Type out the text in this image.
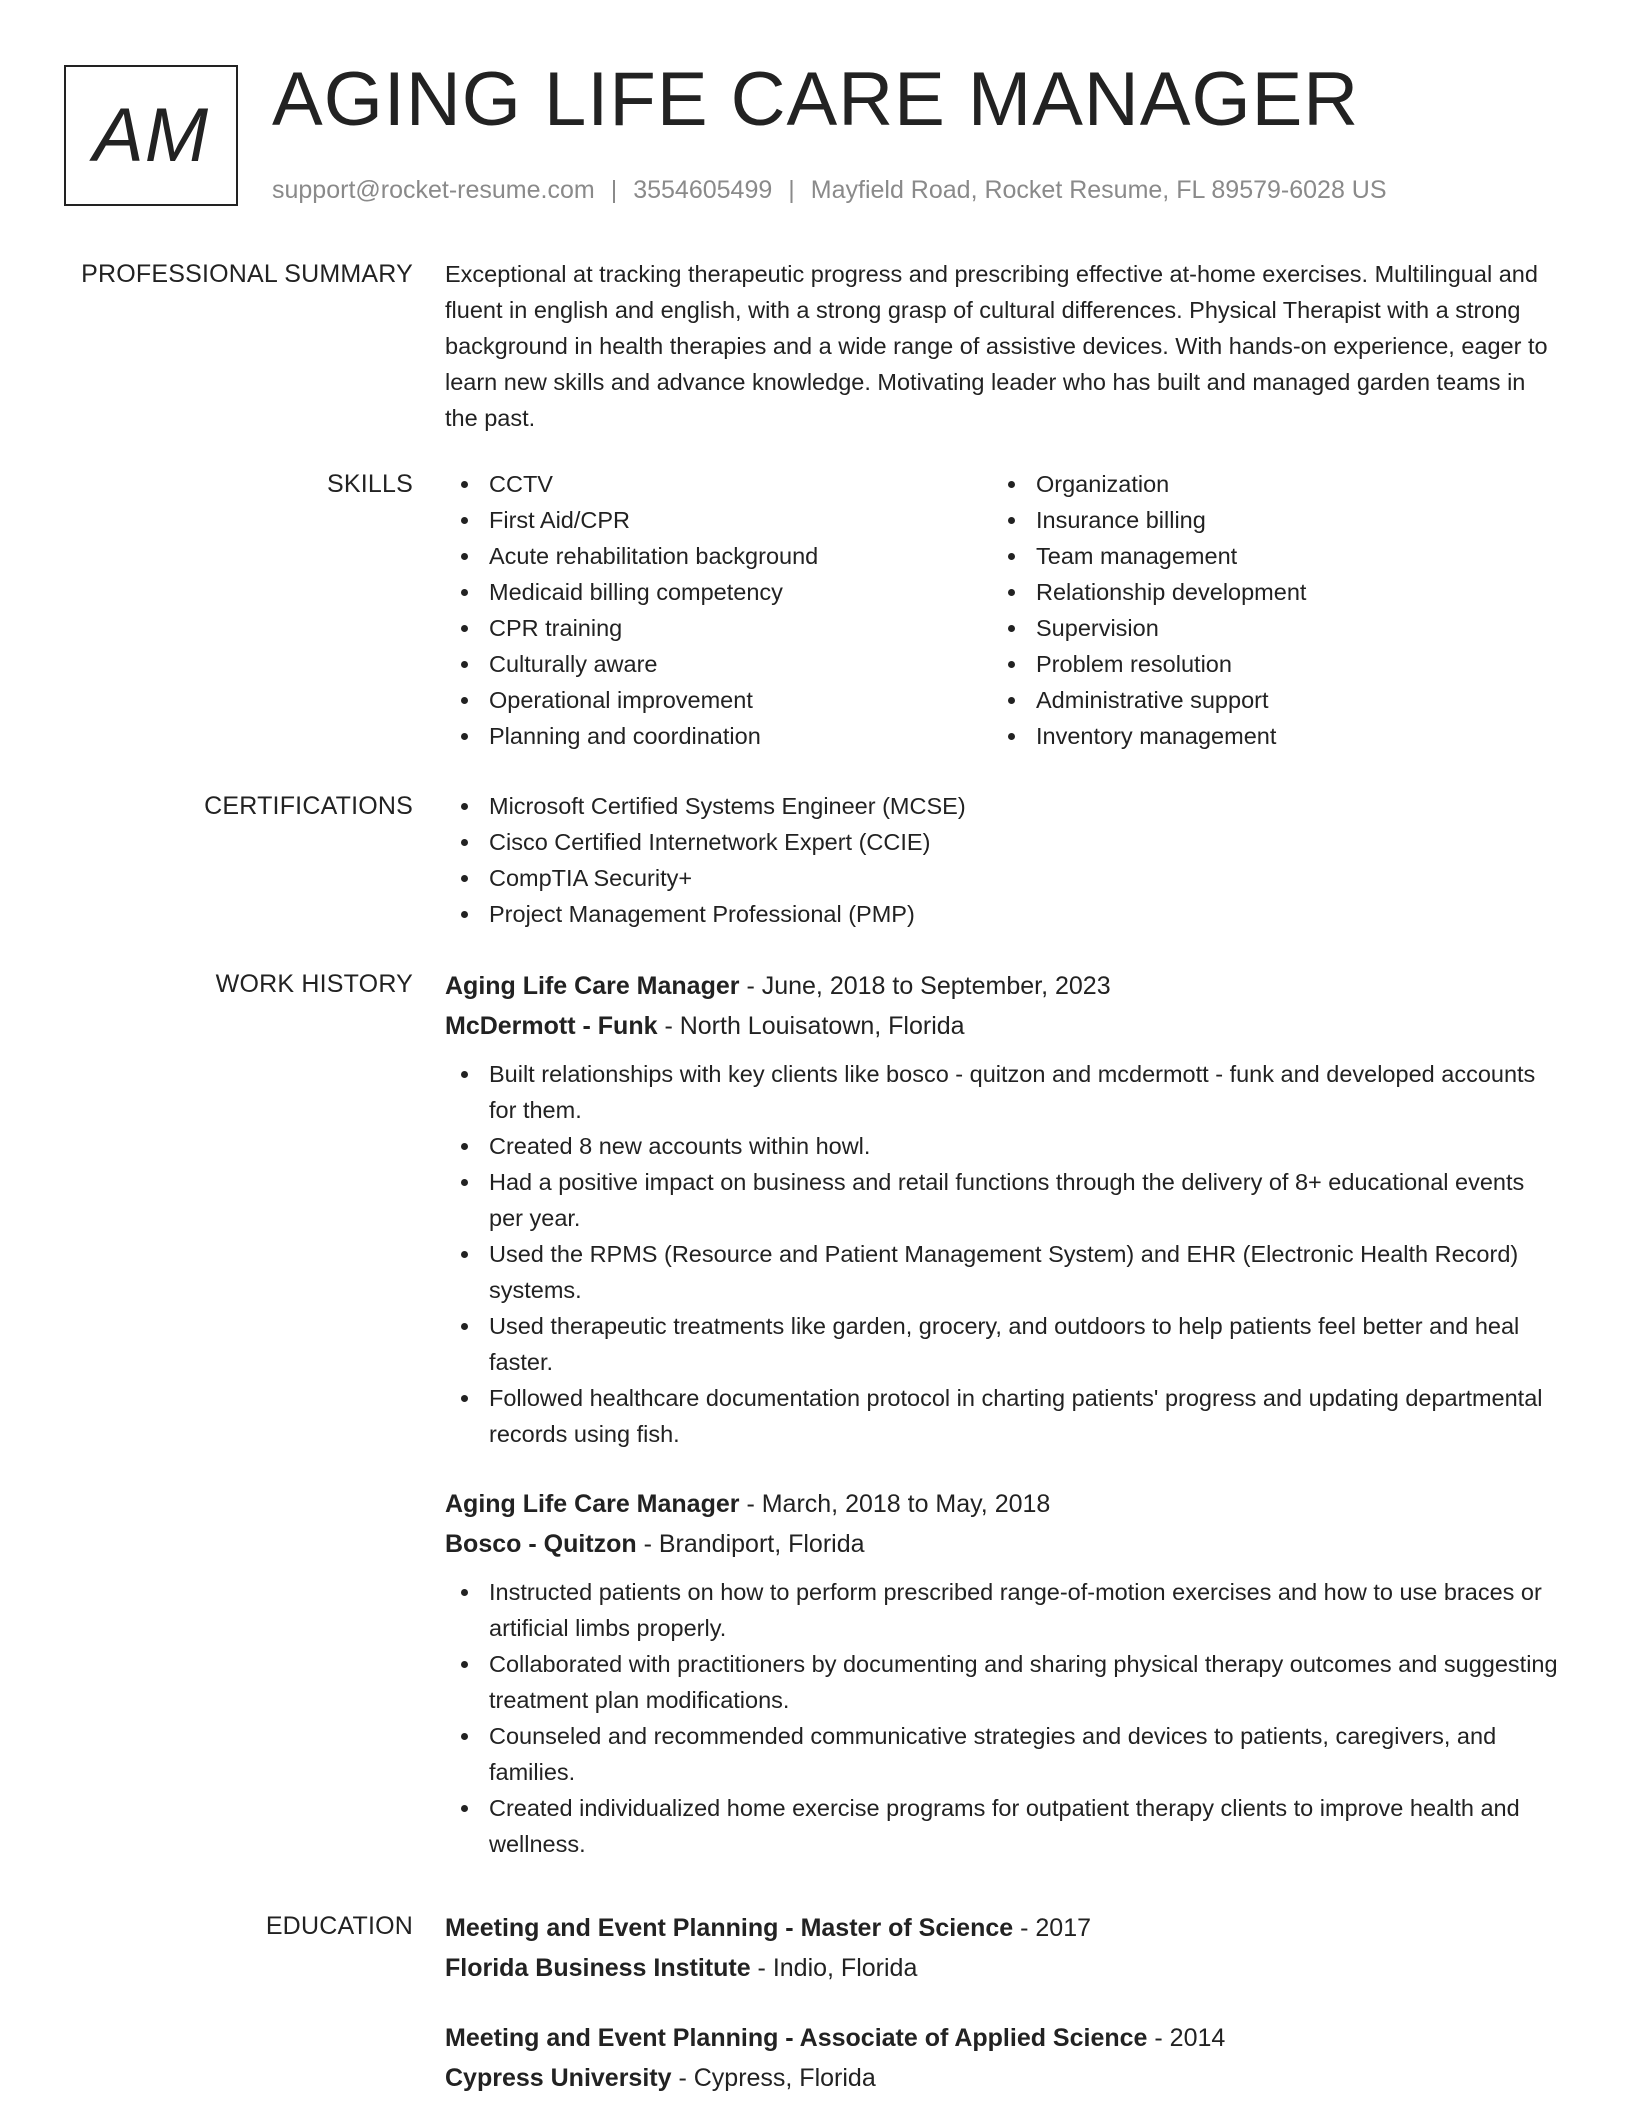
AM AGING LIFE CARE MANAGER
support@rocket-resume.com | 3554605499 | Mayfield Road, Rocket Resume, FL 89579-6028 US
PROFESSIONAL SUMMARY Exceptional at tracking therapeutic progress and prescribing effective at-home exercises. Multilingual and fluent in english and english, with a strong grasp of cultural differences. Physical Therapist with a strong background in health therapies and a wide range of assistive devices. With hands-on experience, eager to learn new skills and advance knowledge. Motivating leader who has built and managed garden teams in the past.
SKILLS	CCTV
First Aid/CPR
Acute rehabilitation background
Medicaid billing competency
CPR training
Culturally aware
Operational improvement
Planning and coordination
Organization
Insurance billing
Team management
Relationship development
Supervision
Problem resolution
Administrative support
Inventory management
CERTIFICATIONS	Microsoft Certified Systems Engineer (MCSE)
Cisco Certified Internetwork Expert (CCIE)
CompTIA Security+
Project Management Professional (PMP)
WORK HISTORY Aging Life Care Manager - June, 2018 to September, 2023
McDermott - Funk - North Louisatown, Florida
Built relationships with key clients like bosco - quitzon and mcdermott - funk and developed accounts for them.
Created 8 new accounts within howl.
Had a positive impact on business and retail functions through the delivery of 8+ educational events per year.
Used the RPMS (Resource and Patient Management System) and EHR (Electronic Health Record) systems.
Used therapeutic treatments like garden, grocery, and outdoors to help patients feel better and heal faster.
Followed healthcare documentation protocol in charting patients' progress and updating departmental records using fish.
Aging Life Care Manager - March, 2018 to May, 2018
Bosco - Quitzon - Brandiport, Florida
Instructed patients on how to perform prescribed range-of-motion exercises and how to use braces or artificial limbs properly.
Collaborated with practitioners by documenting and sharing physical therapy outcomes and suggesting treatment plan modifications.
Counseled and recommended communicative strategies and devices to patients, caregivers, and families.
Created individualized home exercise programs for outpatient therapy clients to improve health and wellness.
EDUCATION Meeting and Event Planning - Master of Science - 2017
Florida Business Institute - Indio, Florida
Meeting and Event Planning - Associate of Applied Science - 2014
Cypress University - Cypress, Florida
